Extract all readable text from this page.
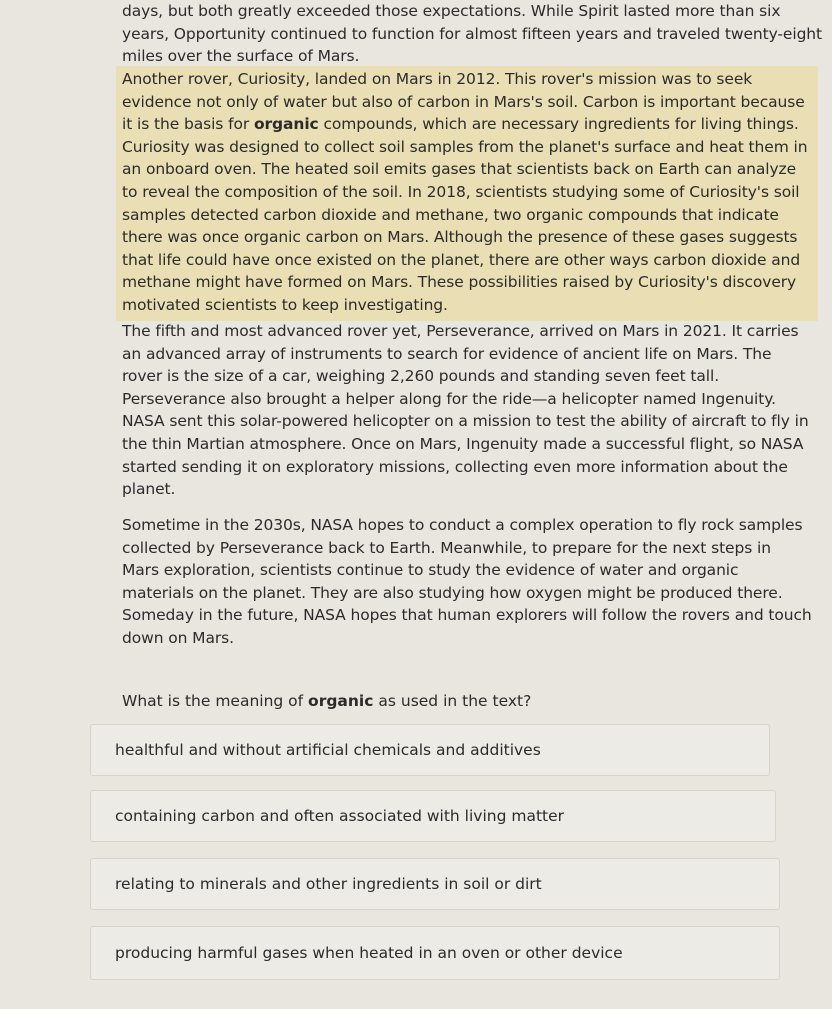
days, but both greatly exceeded those expectations. While Spirit lasted more than six years, Opportunity continued to function for almost fifteen years and traveled twenty-eight miles over the surface of Mars.

Another rover, Curiosity, landed on Mars in 2012. This rover's mission was to seek evidence not only of water but also of carbon in Mars's soil. Carbon is important because it is the basis for organic compounds, which are necessary ingredients for living things. Curiosity was designed to collect soil samples from the planet's surface and heat them in an onboard oven. The heated soil emits gases that scientists back on Earth can analyze to reveal the composition of the soil. In 2018, scientists studying some of Curiosity's soil samples detected carbon dioxide and methane, two organic compounds that indicate there was once organic carbon on Mars. Although the presence of these gases suggests that life could have once existed on the planet, there are other ways carbon dioxide and methane might have formed on Mars. These possibilities raised by Curiosity's discovery motivated scientists to keep investigating.

The fifth and most advanced rover yet, Perseverance, arrived on Mars in 2021. It carries an advanced array of instruments to search for evidence of ancient life on Mars. The rover is the size of a car, weighing 2,260 pounds and standing seven feet tall. Perseverance also brought a helper along for the ride—a helicopter named Ingenuity. NASA sent this solar-powered helicopter on a mission to test the ability of aircraft to fly in the thin Martian atmosphere. Once on Mars, Ingenuity made a successful flight, so NASA started sending it on exploratory missions, collecting even more information about the planet.

Sometime in the 2030s, NASA hopes to conduct a complex operation to fly rock samples collected by Perseverance back to Earth. Meanwhile, to prepare for the next steps in Mars exploration, scientists continue to study the evidence of water and organic materials on the planet. They are also studying how oxygen might be produced there. Someday in the future, NASA hopes that human explorers will follow the rovers and touch down on Mars.

What is the meaning of organic as used in the text?

healthful and without artificial chemicals and additives
containing carbon and often associated with living matter
relating to minerals and other ingredients in soil or dirt
producing harmful gases when heated in an oven or other device
